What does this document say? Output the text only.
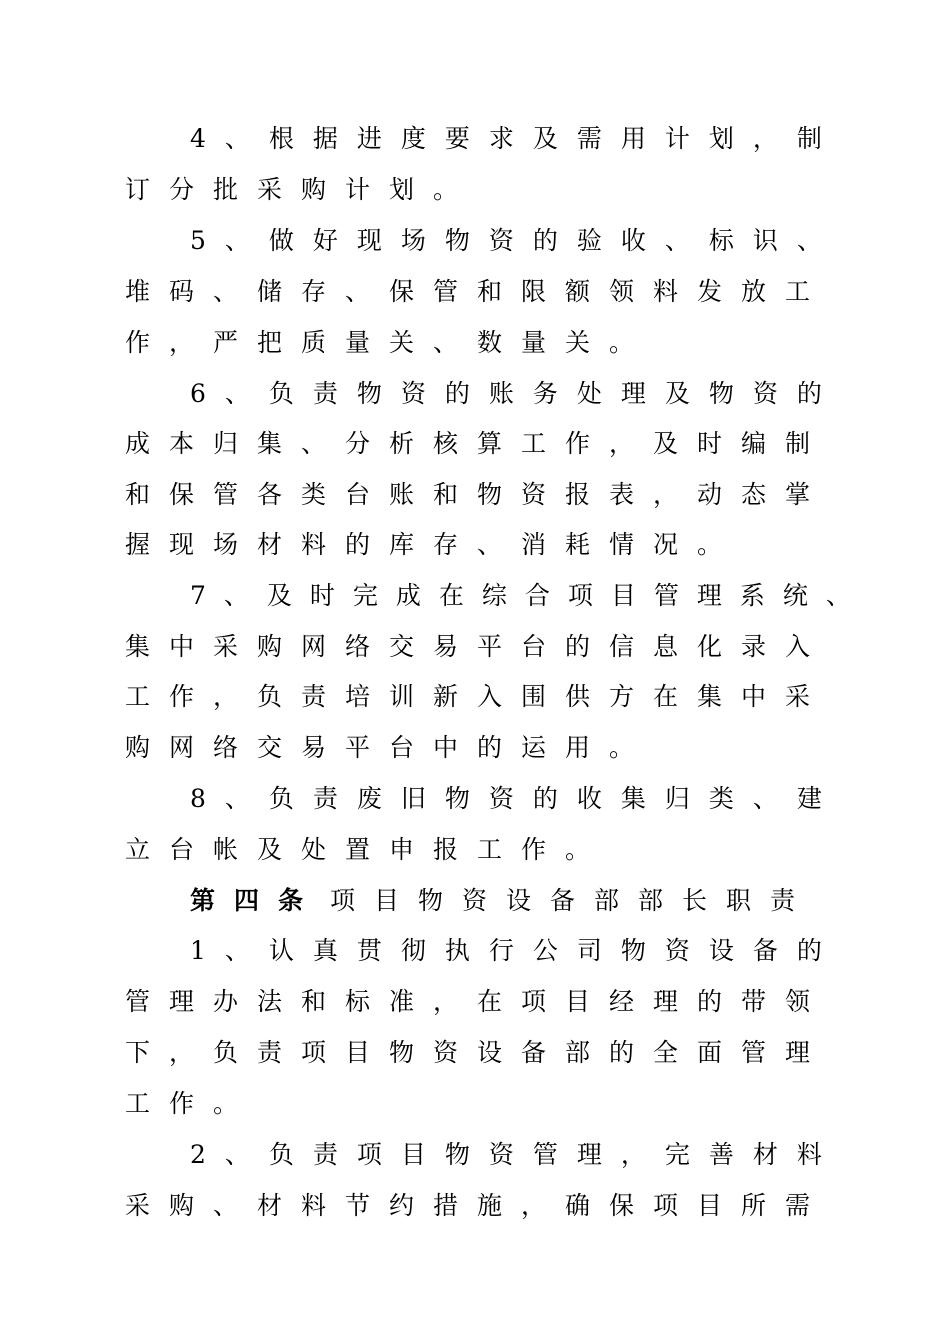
4、根据进度要求及需用计划，制
订分批采购计划。
5、做好现场物资的验收、标识、
堆码、储存、保管和限额领料发放工
作，严把质量关、数量关。
6、负责物资的账务处理及物资的
成本归集、分析核算工作，及时编制
和保管各类台账和物资报表，动态掌
握现场材料的库存、消耗情况。
7、及时完成在综合项目管理系统、
集中采购网络交易平台的信息化录入
工作，负责培训新入围供方在集中采
购网络交易平台中的运用。
8、负责废旧物资的收集归类、建
立台帐及处置申报工作。
第四条 项目物资设备部部长职责
1、认真贯彻执行公司物资设备的
管理办法和标准，在项目经理的带领
下，负责项目物资设备部的全面管理
工作。
2、负责项目物资管理，完善材料
采购、材料节约措施，确保项目所需
